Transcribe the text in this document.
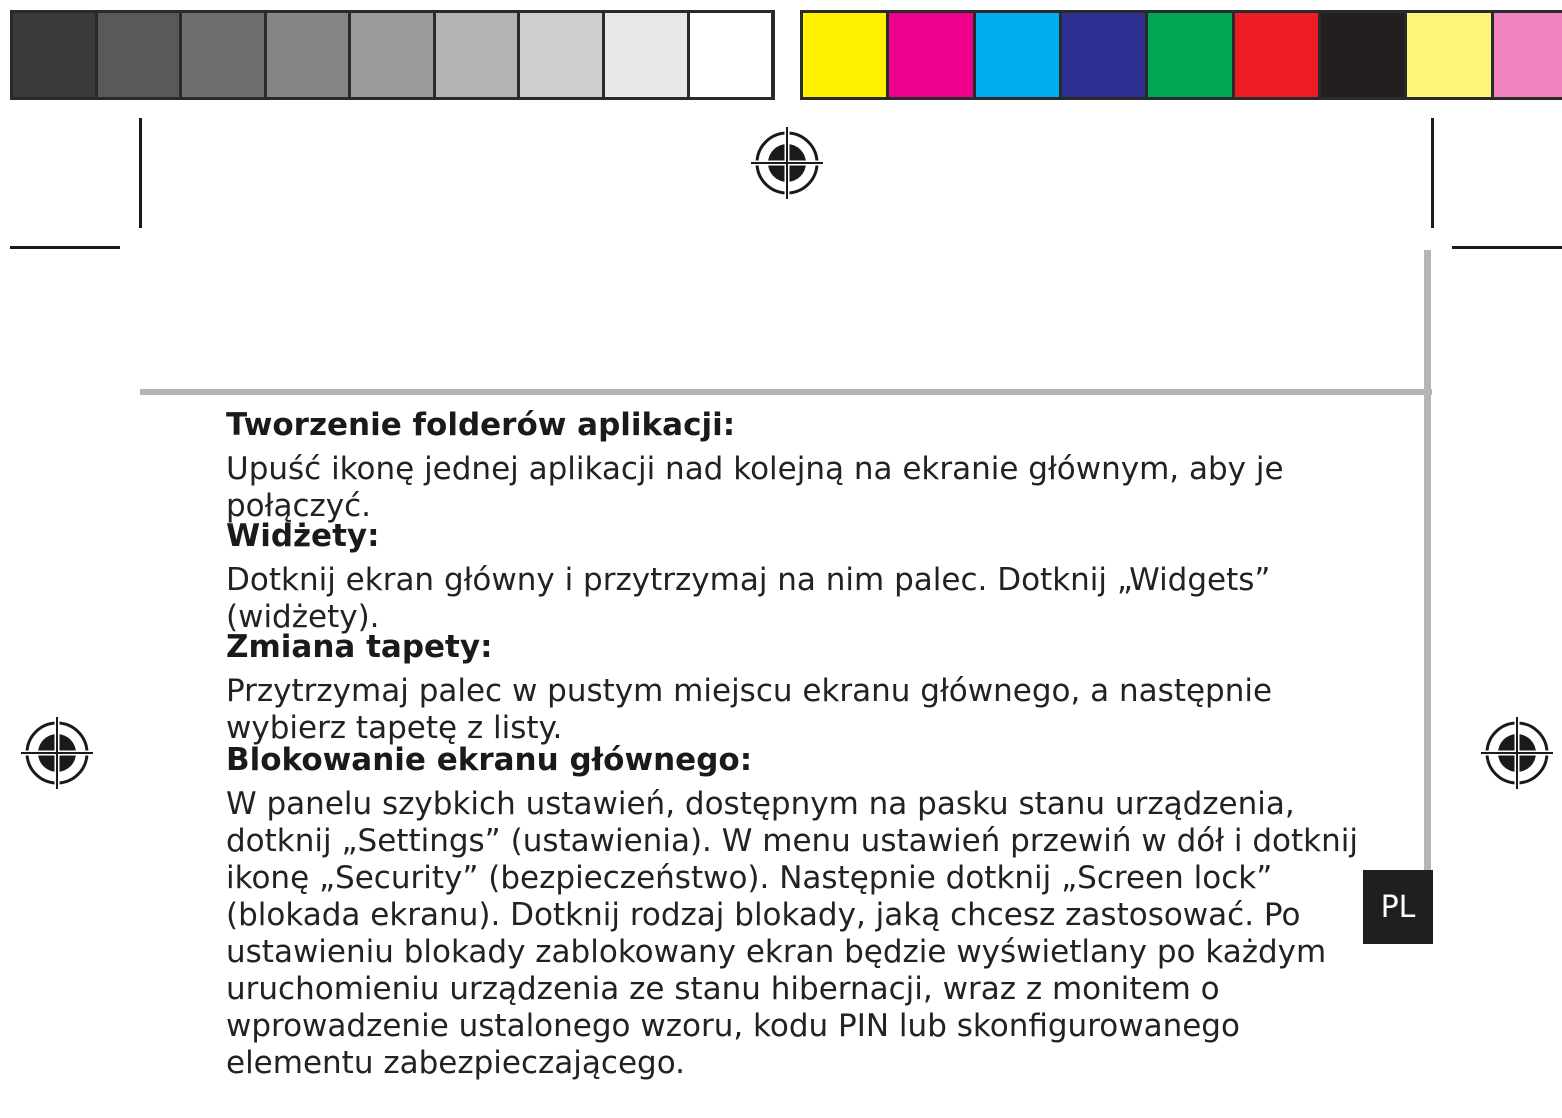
Tworzenie folderów aplikacji:

Upuść ikonę jednej aplikacji nad kolejną na ekranie głównym, aby je połączyć.

Widżety:

Dotknij ekran główny i przytrzymaj na nim palec. Dotknij „Widgets” (widżety).

Zmiana tapety:

Przytrzymaj palec w pustym miejscu ekranu głównego, a następnie wybierz tapetę z listy.

Blokowanie ekranu głównego:

W panelu szybkich ustawień, dostępnym na pasku stanu urządzenia, dotknij „Settings” (ustawienia). W menu ustawień przewiń w dół i dotknij ikonę „Security” (bezpieczeństwo). Następnie dotknij „Screen lock” (blokada ekranu). Dotknij rodzaj blokady, jaką chcesz zastosować. Po ustawieniu blokady zablokowany ekran będzie wyświetlany po każdym uruchomieniu urządzenia ze stanu hibernacji, wraz z monitem o wprowadzenie ustalonego wzoru, kodu PIN lub skonfigurowanego elementu zabezpieczającego.

PL
